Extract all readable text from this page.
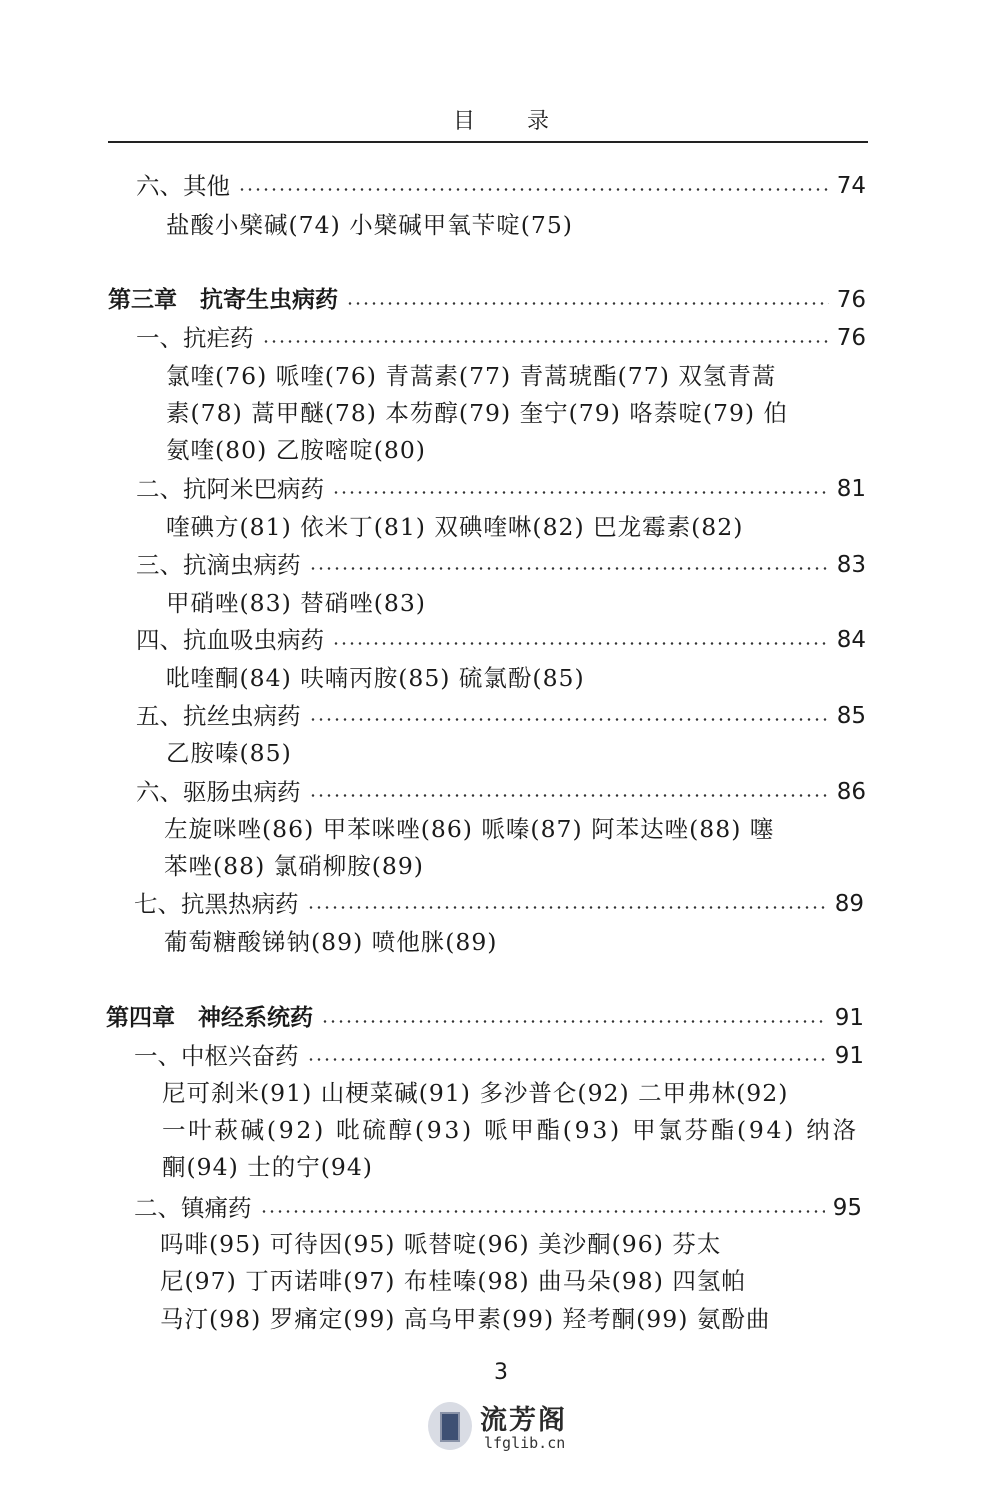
目录
六、其他	74
盐酸小檗碱(74) 小檗碱甲氧苄啶(75)
第三章　抗寄生虫病药	76
一、抗疟药	76
氯喹(76) 哌喹(76) 青蒿素(77) 青蒿琥酯(77) 双氢青蒿
素(78) 蒿甲醚(78) 本芴醇(79) 奎宁(79) 咯萘啶(79) 伯
氨喹(80) 乙胺嘧啶(80)
二、抗阿米巴病药	81
喹碘方(81) 依米丁(81) 双碘喹啉(82) 巴龙霉素(82)
三、抗滴虫病药	83
甲硝唑(83) 替硝唑(83)
四、抗血吸虫病药	84
吡喹酮(84) 呋喃丙胺(85) 硫氯酚(85)
五、抗丝虫病药	85
乙胺嗪(85)
六、驱肠虫病药	86
左旋咪唑(86) 甲苯咪唑(86) 哌嗪(87) 阿苯达唑(88) 噻
苯唑(88) 氯硝柳胺(89)
七、抗黑热病药	89
葡萄糖酸锑钠(89) 喷他脒(89)
第四章　神经系统药	91
一、中枢兴奋药	91
尼可刹米(91) 山梗菜碱(91) 多沙普仑(92) 二甲弗林(92)
一叶萩碱(92) 吡硫醇(93) 哌甲酯(93) 甲氯芬酯(94) 纳洛
酮(94) 士的宁(94)
二、镇痛药	95
吗啡(95) 可待因(95) 哌替啶(96) 美沙酮(96) 芬太
尼(97) 丁丙诺啡(97) 布桂嗪(98) 曲马朵(98) 四氢帕
马汀(98) 罗痛定(99) 高乌甲素(99) 羟考酮(99) 氨酚曲
3
流芳阁
lfglib.cn
